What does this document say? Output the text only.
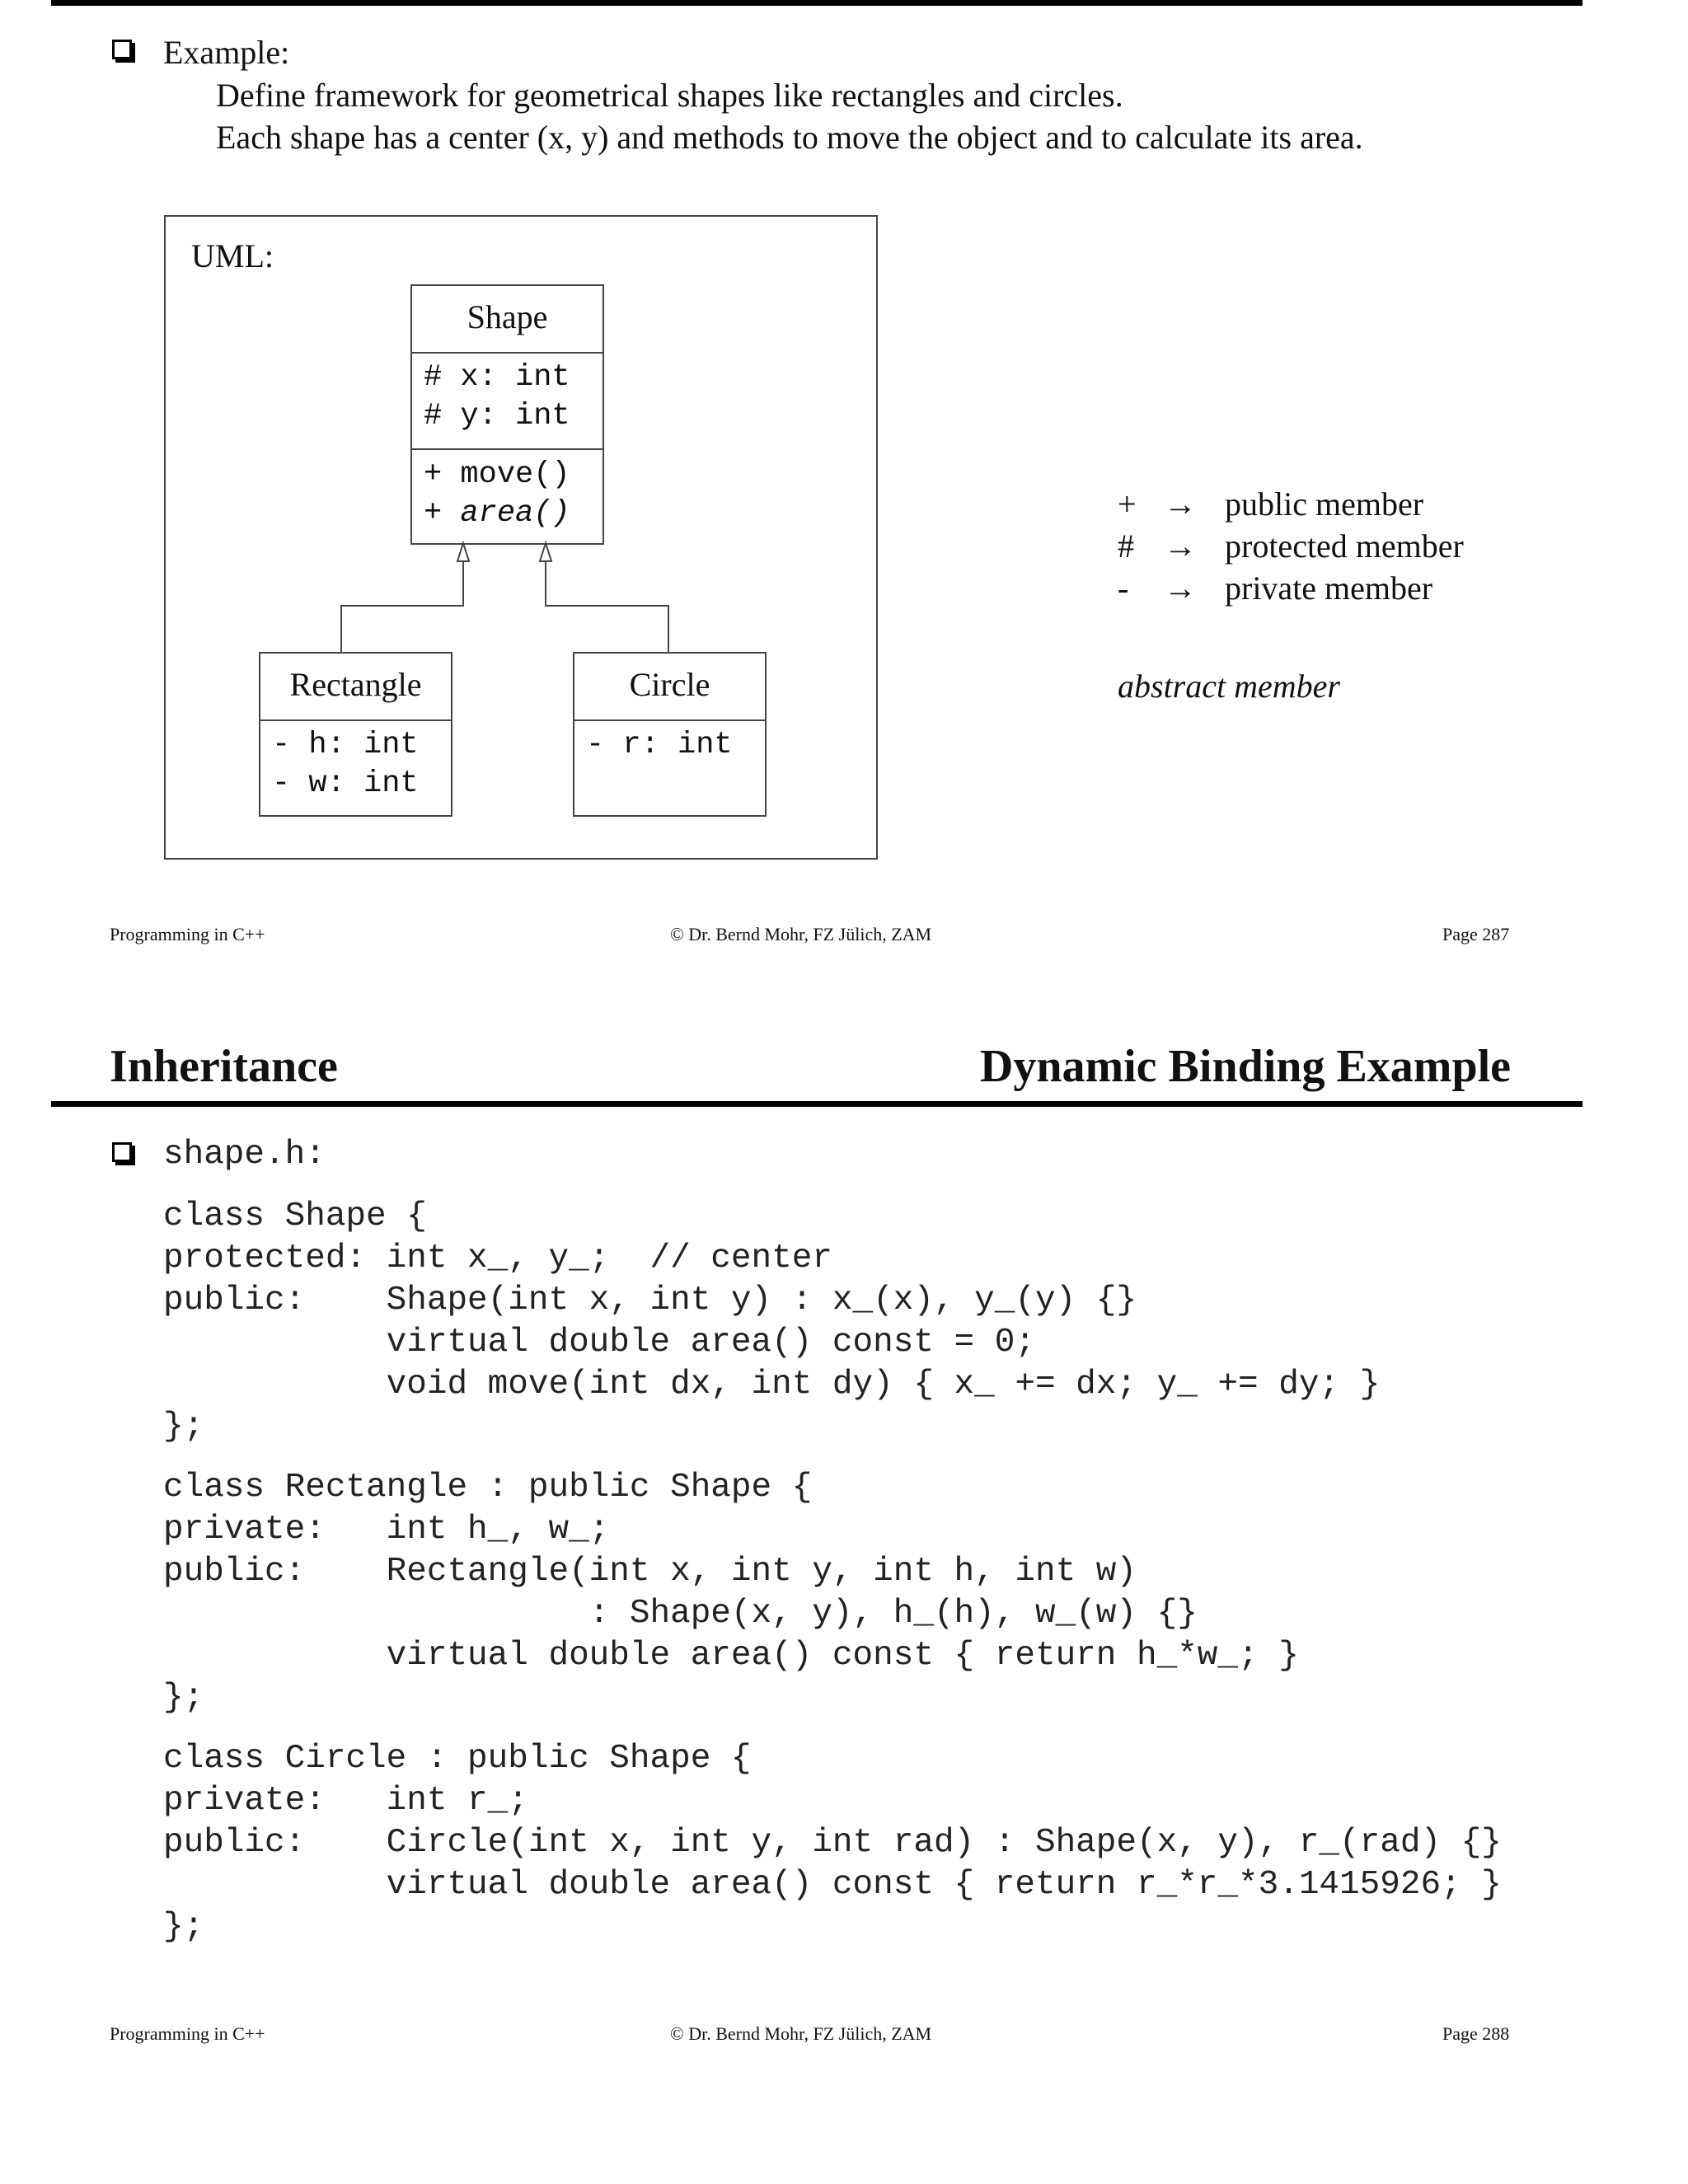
Example:
Define framework for geometrical shapes like rectangles and circles.
Each shape has a center (x, y) and methods to move the object and to calculate its area.
UML:
Shape
# x: int
# y: int
+ move()
+ area()
Rectangle
- h: int
- w: int
Circle
- r: int
+ → public member
# → protected member
- → private member
abstract member
Programming in C++	© Dr. Bernd Mohr, FZ Jülich, ZAM	Page 287
Inheritance	Dynamic Binding Example
shape.h:
class Shape {
protected: int x_, y_;  // center
public:    Shape(int x, int y) : x_(x), y_(y) {}
virtual double area() const = 0;
void move(int dx, int dy) { x_ += dx; y_ += dy; }
};
class Rectangle : public Shape {
private:   int h_, w_;
public:    Rectangle(int x, int y, int h, int w)
: Shape(x, y), h_(h), w_(w) {}
virtual double area() const { return h_*w_; }
};
class Circle : public Shape {
private:   int r_;
public:    Circle(int x, int y, int rad) : Shape(x, y), r_(rad) {}
virtual double area() const { return r_*r_*3.1415926; }
};
Programming in C++	© Dr. Bernd Mohr, FZ Jülich, ZAM	Page 288
